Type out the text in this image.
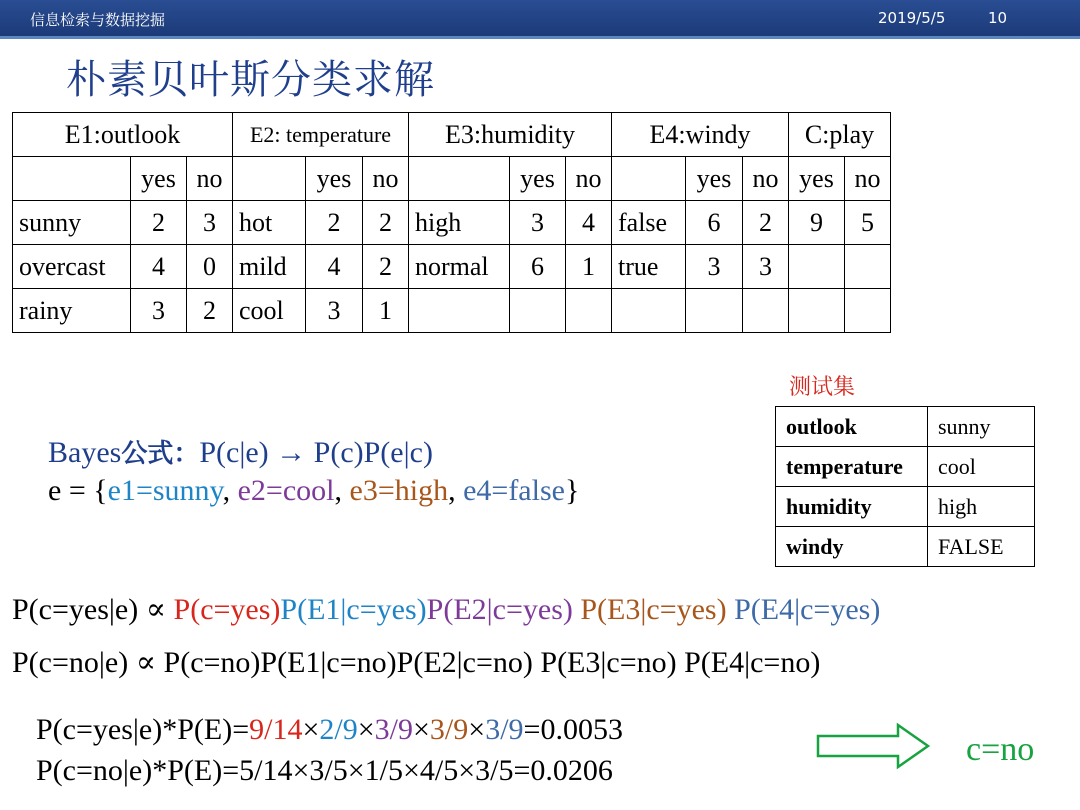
信息检索与数据挖掘	2019/5/5	10
朴素贝叶斯分类求解
E1:outlook			E2: temperature			E3:humidity			E4:windy			C:play	
	yes	no		yes	no		yes	no		yes	no	yes	no
sunny	2	3	hot	2	2	high	3	4	false	6	2	9	5
overcast	4	0	mild	4	2	normal	6	1	true	3	3		
rainy	3	2	cool	3	1								
测试集
outlook	sunny
temperature	cool
humidity	high
windy	FALSE
Bayes公式：P(c|e) → P(c)P(e|c)
e = {e1=sunny, e2=cool, e3=high, e4=false}
P(c=yes|e) ∝ P(c=yes)P(E1|c=yes)P(E2|c=yes) P(E3|c=yes) P(E4|c=yes)
P(c=no|e) ∝ P(c=no)P(E1|c=no)P(E2|c=no) P(E3|c=no) P(E4|c=no)
P(c=yes|e)*P(E)=9/14×2/9×3/9×3/9×3/9=0.0053
P(c=no|e)*P(E)=5/14×3/5×1/5×4/5×3/5=0.0206
c=no
